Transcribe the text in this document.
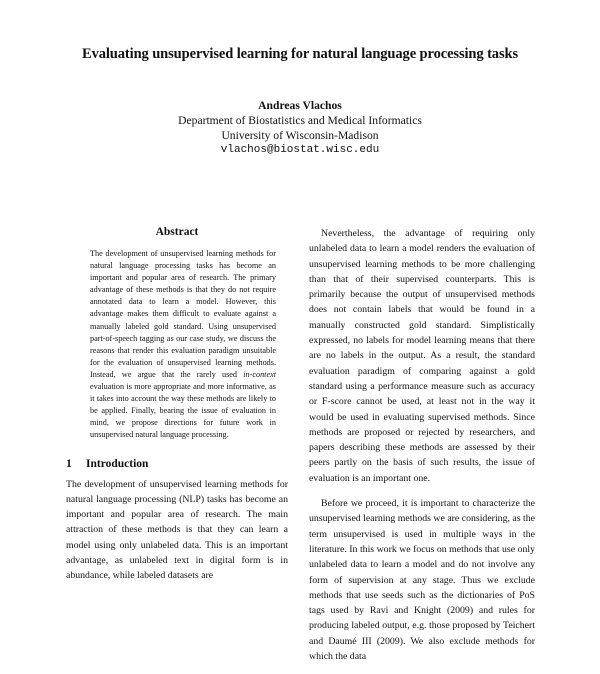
Evaluating unsupervised learning for natural language processing tasks
Andreas Vlachos
Department of Biostatistics and Medical Informatics
University of Wisconsin-Madison
vlachos@biostat.wisc.edu
Abstract
The development of unsupervised learning methods for natural language processing tasks has become an important and popular area of research. The primary advantage of these methods is that they do not require annotated data to learn a model. However, this advantage makes them difficult to evaluate against a manually labeled gold standard. Using unsupervised part-of-speech tagging as our case study, we discuss the reasons that render this evaluation paradigm unsuitable for the evaluation of unsupervised learning methods. Instead, we argue that the rarely used in-context evaluation is more appropriate and more informative, as it takes into account the way these methods are likely to be applied. Finally, bearing the issue of evaluation in mind, we propose directions for future work in unsupervised natural language processing.
1 Introduction

The development of unsupervised learning methods for natural language processing (NLP) tasks has become an important and popular area of research. The main attraction of these methods is that they can learn a model using only unlabeled data. This is an important advantage, as unlabeled text in digital form is in abundance, while labeled datasets are

Nevertheless, the advantage of requiring only unlabeled data to learn a model renders the evaluation of unsupervised learning methods to be more challenging than that of their supervised counterparts. This is primarily because the output of unsupervised methods does not contain labels that would be found in a manually constructed gold standard. Simplistically expressed, no labels for model learning means that there are no labels in the output. As a result, the standard evaluation paradigm of comparing against a gold standard using a performance measure such as accuracy or F-score cannot be used, at least not in the way it would be used in evaluating supervised methods. Since methods are proposed or rejected by researchers, and papers describing these methods are assessed by their peers partly on the basis of such results, the issue of evaluation is an important one.

Before we proceed, it is important to characterize the unsupervised learning methods we are considering, as the term unsupervised is used in multiple ways in the literature. In this work we focus on methods that use only unlabeled data to learn a model and do not involve any form of supervision at any stage. Thus we exclude methods that use seeds such as the dictionaries of PoS tags used by Ravi and Knight (2009) and rules for producing labeled output, e.g. those proposed by Teichert and Daumé III (2009). We also exclude methods for which the data
